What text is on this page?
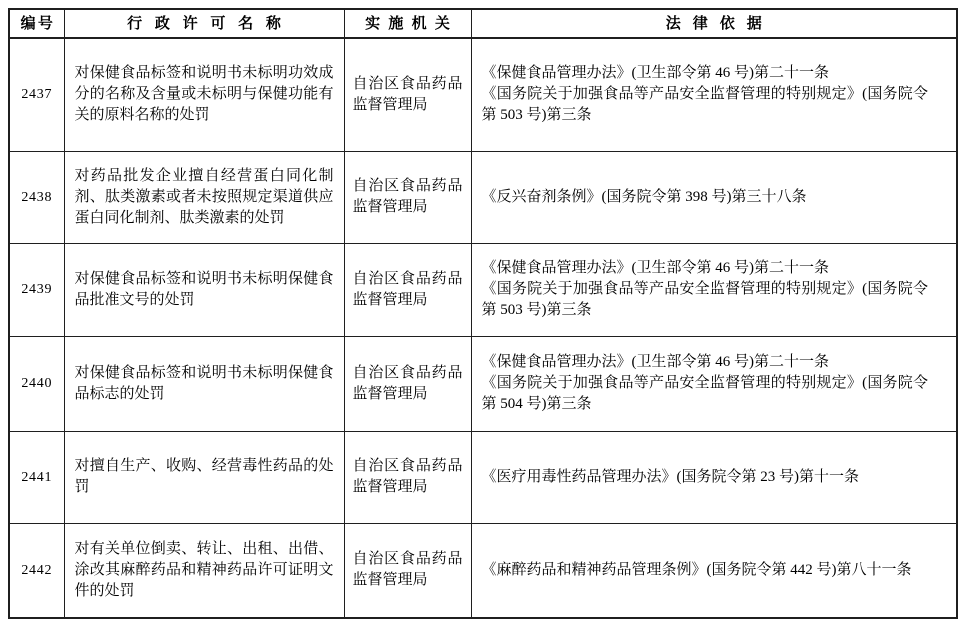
编号	行政许可名称	实施机关	法律依据
2437	对保健食品标签和说明书未标明功效成分的名称及含量或未标明与保健功能有关的原料名称的处罚	自治区食品药品监督管理局	《保健食品管理办法》(卫生部令第 46 号)第二十一条
《国务院关于加强食品等产品安全监督管理的特别规定》(国务院令第 503 号)第三条

2438	对药品批发企业擅自经营蛋白同化制剂、肽类激素或者未按照规定渠道供应蛋白同化制剂、肽类激素的处罚	自治区食品药品监督管理局	《反兴奋剂条例》(国务院令第 398 号)第三十八条

2439	对保健食品标签和说明书未标明保健食品批准文号的处罚	自治区食品药品监督管理局	《保健食品管理办法》(卫生部令第 46 号)第二十一条
《国务院关于加强食品等产品安全监督管理的特别规定》(国务院令第 503 号)第三条

2440	对保健食品标签和说明书未标明保健食品标志的处罚	自治区食品药品监督管理局	《保健食品管理办法》(卫生部令第 46 号)第二十一条
《国务院关于加强食品等产品安全监督管理的特别规定》(国务院令第 504 号)第三条

2441	对擅自生产、收购、经营毒性药品的处罚	自治区食品药品监督管理局	《医疗用毒性药品管理办法》(国务院令第 23 号)第十一条

2442	对有关单位倒卖、转让、出租、出借、涂改其麻醉药品和精神药品许可证明文件的处罚	自治区食品药品监督管理局	《麻醉药品和精神药品管理条例》(国务院令第 442 号)第八十一条
